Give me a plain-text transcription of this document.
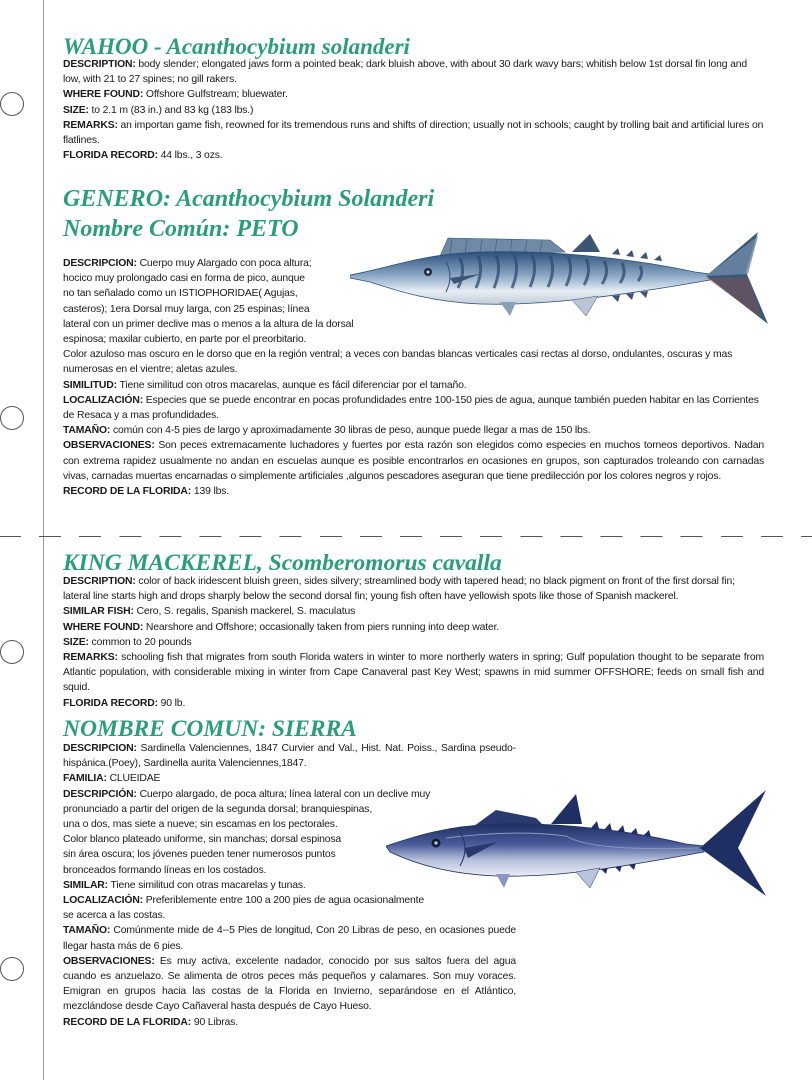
WAHOO - Acanthocybium solanderi

DESCRIPTION: body slender; elongated jaws form a pointed beak; dark bluish above, with about 30 dark wavy bars; whitish below 1st dorsal fin long and low, with 21 to 27 spines; no gill rakers.

WHERE FOUND: Offshore Gulfstream; bluewater.

SIZE: to 2.1 m (83 in.) and 83 kg (183 lbs.)

REMARKS: an importan game fish, reowned for its tremendous runs and shifts of direction; usually not in schools; caught by trolling bait and artificial lures on flatlines.

FLORIDA RECORD: 44 lbs., 3 ozs.

GENERO: Acanthocybium Solanderi
Nombre Común: PETO

DESCRIPCION: Cuerpo muy Alargado con poca altura;

hocico muy prolongado casi en forma de pico, aunque

no tan señalado como un ISTIOPHORIDAE( Agujas,

casteros); 1era Dorsal muy larga, con 25 espinas; línea

lateral con un primer declive mas o menos a la altura de la dorsal

espinosa; maxilar cubierto, en parte por el preorbitario.

Color azuloso mas oscuro en le dorso que en la región ventral; a veces con bandas blancas verticales casi rectas al dorso, ondulantes, oscuras y mas numerosas en el vientre; aletas azules.

SIMILITUD: Tiene similitud con otros macarelas, aunque es fácil diferenciar por el tamaño.

LOCALIZACIÓN: Especies que se puede encontrar en pocas profundidades entre 100-150 pies de agua, aunque también pueden habitar en las Corrientes de Resaca y a mas profundidades.

TAMAÑO: común con 4-5 pies de largo y aproximadamente 30 libras de peso, aunque puede llegar a mas de 150 lbs.

OBSERVACIONES: Son peces extremacamente luchadores y fuertes por esta razón son elegidos como especies en muchos torneos deportivos. Nadan con extrema rapidez usualmente no andan en escuelas aunque es posible encontrarlos en ocasiones en grupos, son capturados troleando con carnadas vivas, carnadas muertas encarnadas o simplemente artificiales ,algunos pescadores aseguran que tiene predilección por los colores negros y rojos.

RECORD DE LA FLORIDA: 139 lbs.

KING MACKEREL, Scomberomorus cavalla

DESCRIPTION: color of back iridescent bluish green, sides silvery; streamlined body with tapered head; no black pigment on front of the first dorsal fin; lateral line starts high and drops sharply below the second dorsal fin; young fish often have yellowish spots like those of Spanish mackerel.

SIMILAR FISH: Cero, S. regalis, Spanish mackerel, S. maculatus

WHERE FOUND: Nearshore and Offshore; occasionally taken from piers running into deep water.

SIZE: common to 20 pounds

REMARKS: schooling fish that migrates from south Florida waters in winter to more northerly waters in spring; Gulf population thought to be separate from Atlantic population, with considerable mixing in winter from Cape Canaveral past Key West; spawns in mid summer OFFSHORE; feeds on small fish and squid.

FLORIDA RECORD: 90 lb.

NOMBRE COMUN: SIERRA

DESCRIPCION: Sardinella Valenciennes, 1847 Curvier and Val., Hist. Nat. Poiss., Sardina pseudo- hispánica.(Poey), Sardinella aurita Valenciennes,1847.

FAMILIA: CLUEIDAE

DESCRIPCIÓN: Cuerpo alargado, de poca altura; línea lateral con un declive muy

pronunciado a partir del origen de la segunda dorsal; branquiespinas,

una o dos, mas siete a nueve; sin escamas en los pectorales.

Color blanco plateado uniforme, sin manchas; dorsal espinosa

sin área oscura; los jóvenes pueden tener numerosos puntos

bronceados formando líneas en los costados.

SIMILAR: Tiene similitud con otras macarelas y tunas.

LOCALIZACIÓN: Preferiblemente entre 100 a 200 pies de agua ocasionalmente

se acerca a las costas.

TAMAÑO: Comúnmente mide de 4--5 Pies de longitud, Con 20 Libras de peso, en ocasiones puede llegar hasta más de 6 pies.

OBSERVACIONES: Es muy activa, excelente nadador, conocido por sus saltos fuera del agua cuando es anzuelazo. Se alimenta de otros peces más pequeños y calamares. Son muy voraces. Emigran en grupos hacia las costas de la Florida en Invierno, separándose en el Atlántico, mezclándose desde Cayo Cañaveral hasta después de Cayo Hueso.

RECORD DE LA FLORIDA: 90 Libras.
